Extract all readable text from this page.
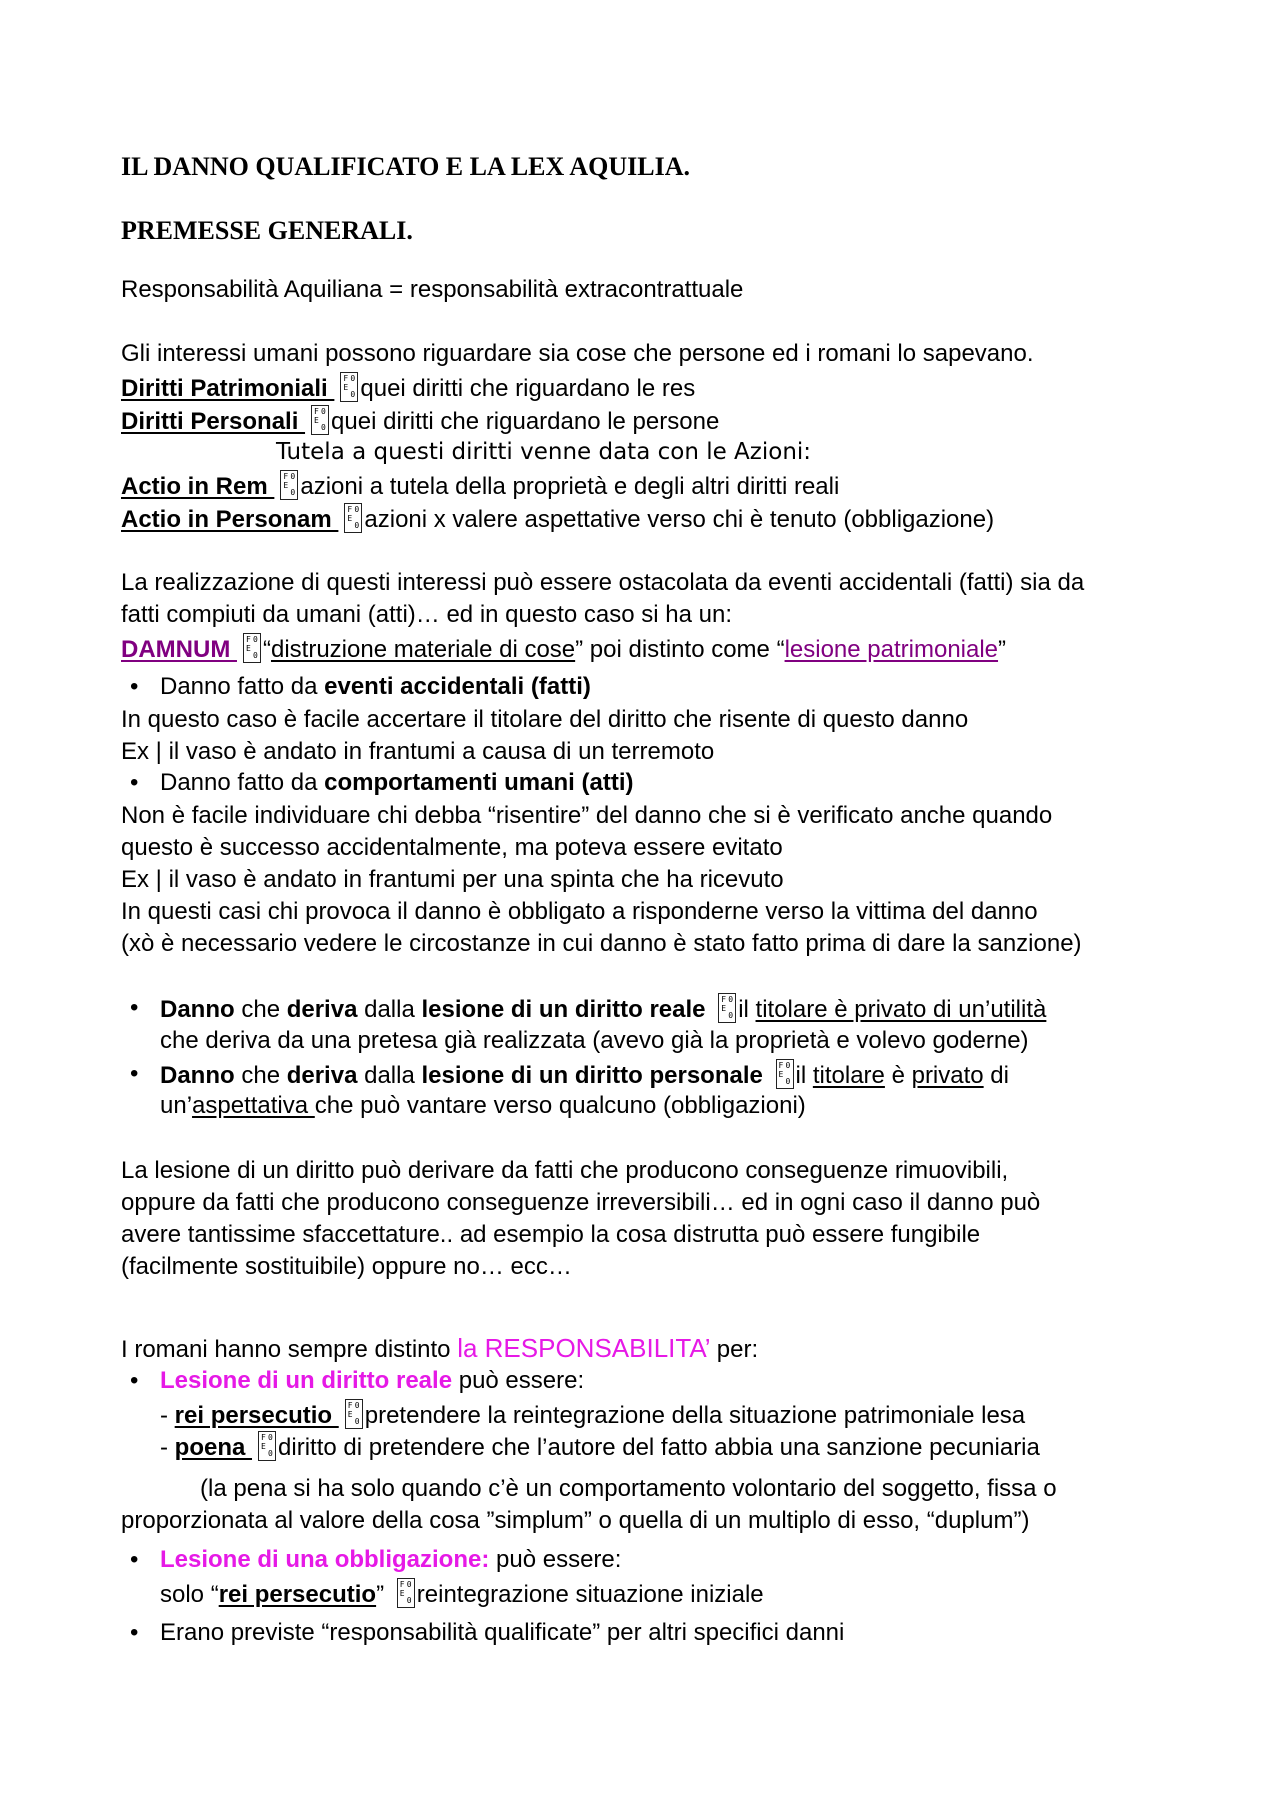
IL DANNO QUALIFICATO E LA LEX AQUILIA.
PREMESSE GENERALI.
Responsabilità Aquiliana = responsabilità extracontrattuale
Gli interessi umani possono riguardare sia cose che persone ed i romani lo sapevano.
Diritti Patrimoniali F 0
E
0 quei diritti che riguardano le res
Diritti Personali F 0
E
0 quei diritti che riguardano le persone
Tutela a questi diritti venne data con le Azioni:
Actio in Rem F 0
E
0 azioni a tutela della proprietà e degli altri diritti reali
Actio in Personam F 0
E
0 azioni x valere aspettative verso chi è tenuto (obbligazione)
La realizzazione di questi interessi può essere ostacolata da eventi accidentali (fatti) sia da
fatti compiuti da umani (atti)… ed in questo caso si ha un:
DAMNUM F 0
E
0 “distruzione materiale di cose” poi distinto come “lesione patrimoniale”
• Danno fatto da eventi accidentali (fatti)
In questo caso è facile accertare il titolare del diritto che risente di questo danno
Ex | il vaso è andato in frantumi a causa di un terremoto
• Danno fatto da comportamenti umani (atti)
Non è facile individuare chi debba “risentire” del danno che si è verificato anche quando
questo è successo accidentalmente, ma poteva essere evitato
Ex | il vaso è andato in frantumi per una spinta che ha ricevuto
In questi casi chi provoca il danno è obbligato a risponderne verso la vittima del danno
(xò è necessario vedere le circostanze in cui danno è stato fatto prima di dare la sanzione)
• Danno che deriva dalla lesione di un diritto reale F 0
E
0 il titolare è privato di un’utilità
che deriva da una pretesa già realizzata (avevo già la proprietà e volevo goderne)
• Danno che deriva dalla lesione di un diritto personale F 0
E
0 il titolare è privato di
un’aspettativa che può vantare verso qualcuno (obbligazioni)
La lesione di un diritto può derivare da fatti che producono conseguenze rimuovibili,
oppure da fatti che producono conseguenze irreversibili… ed in ogni caso il danno può
avere tantissime sfaccettature.. ad esempio la cosa distrutta può essere fungibile
(facilmente sostituibile) oppure no… ecc…
I romani hanno sempre distinto la RESPONSABILITA’ per:
• Lesione di un diritto reale può essere:
- rei persecutio F 0
E
0 pretendere la reintegrazione della situazione patrimoniale lesa
- poena F 0
E
0 diritto di pretendere che l’autore del fatto abbia una sanzione pecuniaria
(la pena si ha solo quando c’è un comportamento volontario del soggetto, fissa o
proporzionata al valore della cosa ”simplum” o quella di un multiplo di esso, “duplum”)
• Lesione di una obbligazione: può essere:
solo “rei persecutio” F 0
E
0 reintegrazione situazione iniziale
• Erano previste “responsabilità qualificate” per altri specifici danni
